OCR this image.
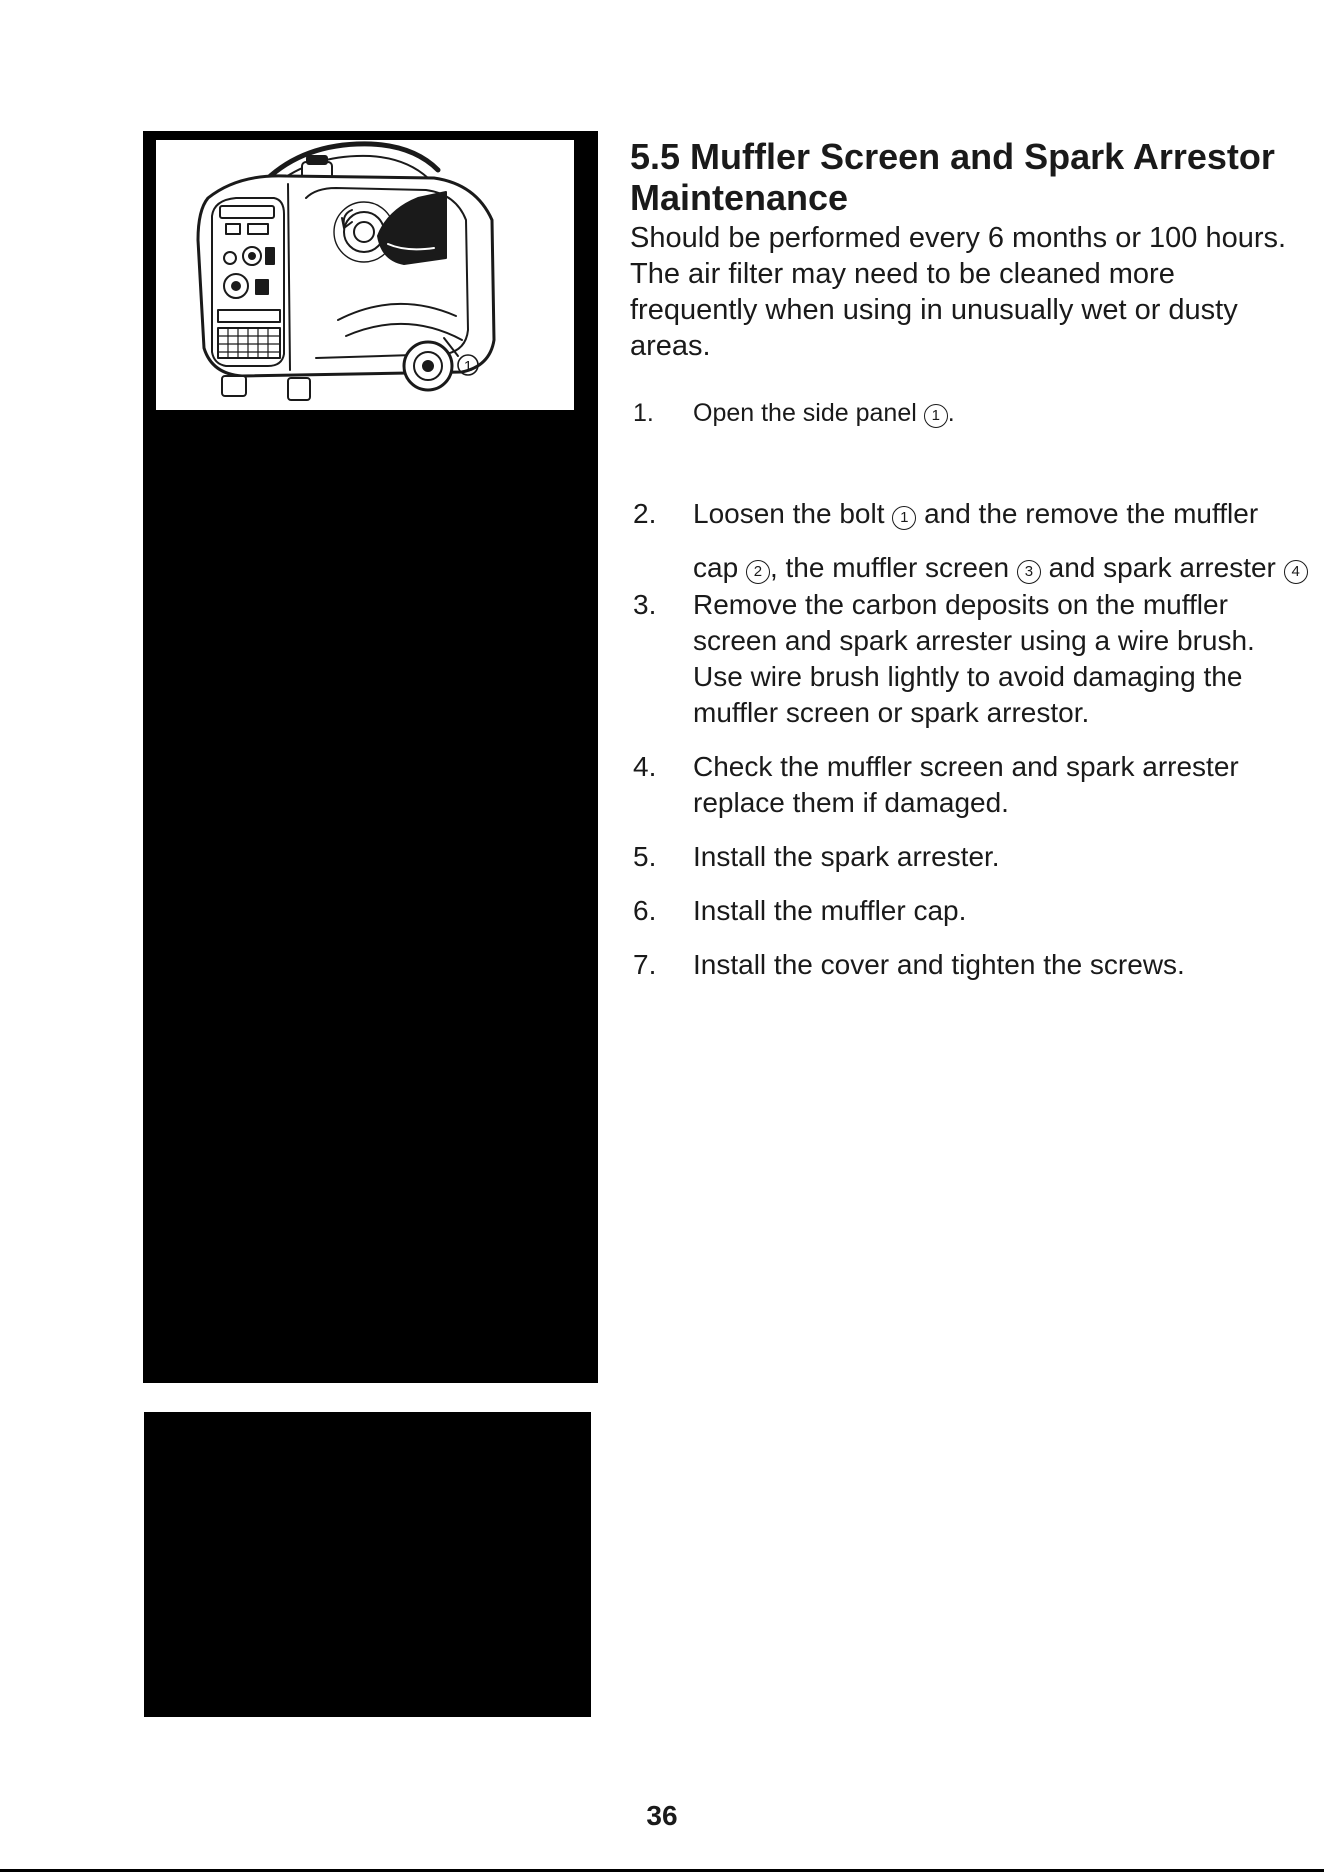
1
5.5 Muffler Screen and Spark Arrestor Maintenance

Should be performed every 6 months or 100 hours. The air filter may need to be cleaned more frequently when using in unusually wet or dusty areas.

1. Open the side panel 1 .
2. Loosen the bolt 1 and the remove the muffler cap 2 , the muffler screen 3 and spark arrester 4
3. Remove the carbon deposits on the muffler screen and spark arrester using a wire brush. Use wire brush lightly to avoid damaging the muffler screen or spark arrestor.
4. Check the muffler screen and spark arrester replace them if damaged.
5. Install the spark arrester.
6. Install the muffler cap.
7. Install the cover and tighten the screws.
36
